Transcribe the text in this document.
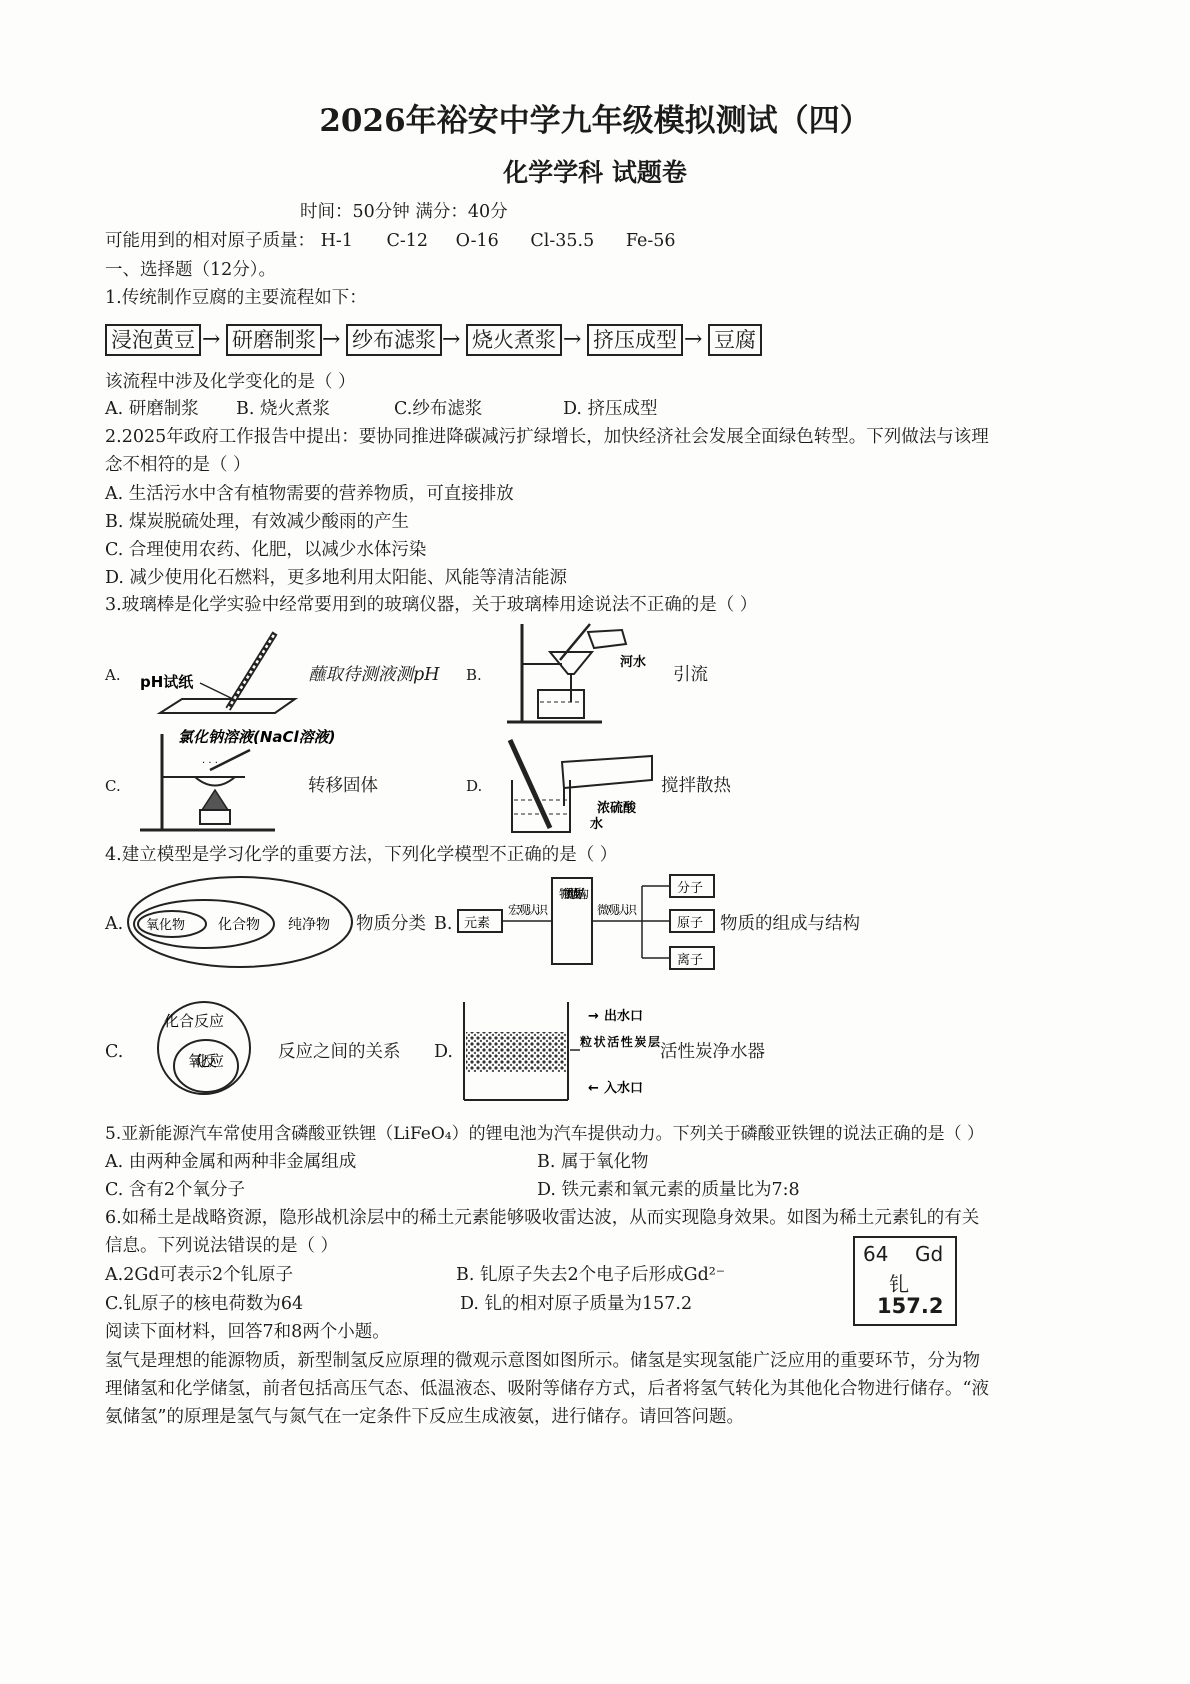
2026年裕安中学九年级模拟测试（四）
化学学科 试题卷
时间：50分钟 满分：40分
可能用到的相对原子质量： H-1 C-12 O-16 Cl-35.5 Fe-56
一、选择题（12分）。
1.传统制作豆腐的主要流程如下：
浸泡黄豆 → 研磨制浆 → 纱布滤浆 → 烧火煮浆 → 挤压成型 → 豆腐
该流程中涉及化学变化的是（ ）
A. 研磨制浆 B. 烧火煮浆	C.纱布滤浆	D. 挤压成型
2.2025年政府工作报告中提出：要协同推进降碳减污扩绿增长，加快经济社会发展全面绿色转型。下列做法与该理
念不相符的是（ ）
A. 生活污水中含有植物需要的营养物质，可直接排放
B. 煤炭脱硫处理，有效减少酸雨的产生
C. 合理使用农药、化肥，以减少水体污染
D. 减少使用化石燃料，更多地利用太阳能、风能等清洁能源
3.玻璃棒是化学实验中经常要用到的玻璃仪器，关于玻璃棒用途说法不正确的是（ ）
A. pH试纸	蘸取待测液测pH B.
河水
引流
C.
氯化钠溶液(NaCl溶液)
· · ·
转移固体	D.
浓硫酸
水
搅拌散热
4.建立模型是学习化学的重要方法，下列化学模型不正确的是（ ）
A. 氧化物 化合物 纯净物 物质分类 B. 元素
宏观认识
物质的组成与结构
微观认识
分子
原子
离子
物质的组成与结构
C.
化合反应
氧化反应	反应之间的关系 D.
→ 出水口
粒状活性炭层
← 入水口
活性炭净水器
5.亚新能源汽车常使用含磷酸亚铁锂（LiFeO₄）的锂电池为汽车提供动力。下列关于磷酸亚铁锂的说法正确的是（ ）
A. 由两种金属和两种非金属组成	B. 属于氧化物
C. 含有2个氧分子	D. 铁元素和氧元素的质量比为7:8
6.如稀土是战略资源，隐形战机涂层中的稀土元素能够吸收雷达波，从而实现隐身效果。如图为稀土元素钆的有关
信息。下列说法错误的是（ ）
A.2Gd可表示2个钆原子	B. 钆原子失去2个电子后形成Gd²⁻
C.钆原子的核电荷数为64	D. 钆的相对原子质量为157.2
64 Gd
钆
157.2
阅读下面材料，回答7和8两个小题。
氢气是理想的能源物质，新型制氢反应原理的微观示意图如图所示。储氢是实现氢能广泛应用的重要环节，分为物
理储氢和化学储氢，前者包括高压气态、低温液态、吸附等储存方式，后者将氢气转化为其他化合物进行储存。“液
氨储氢”的原理是氢气与氮气在一定条件下反应生成液氨，进行储存。请回答问题。
